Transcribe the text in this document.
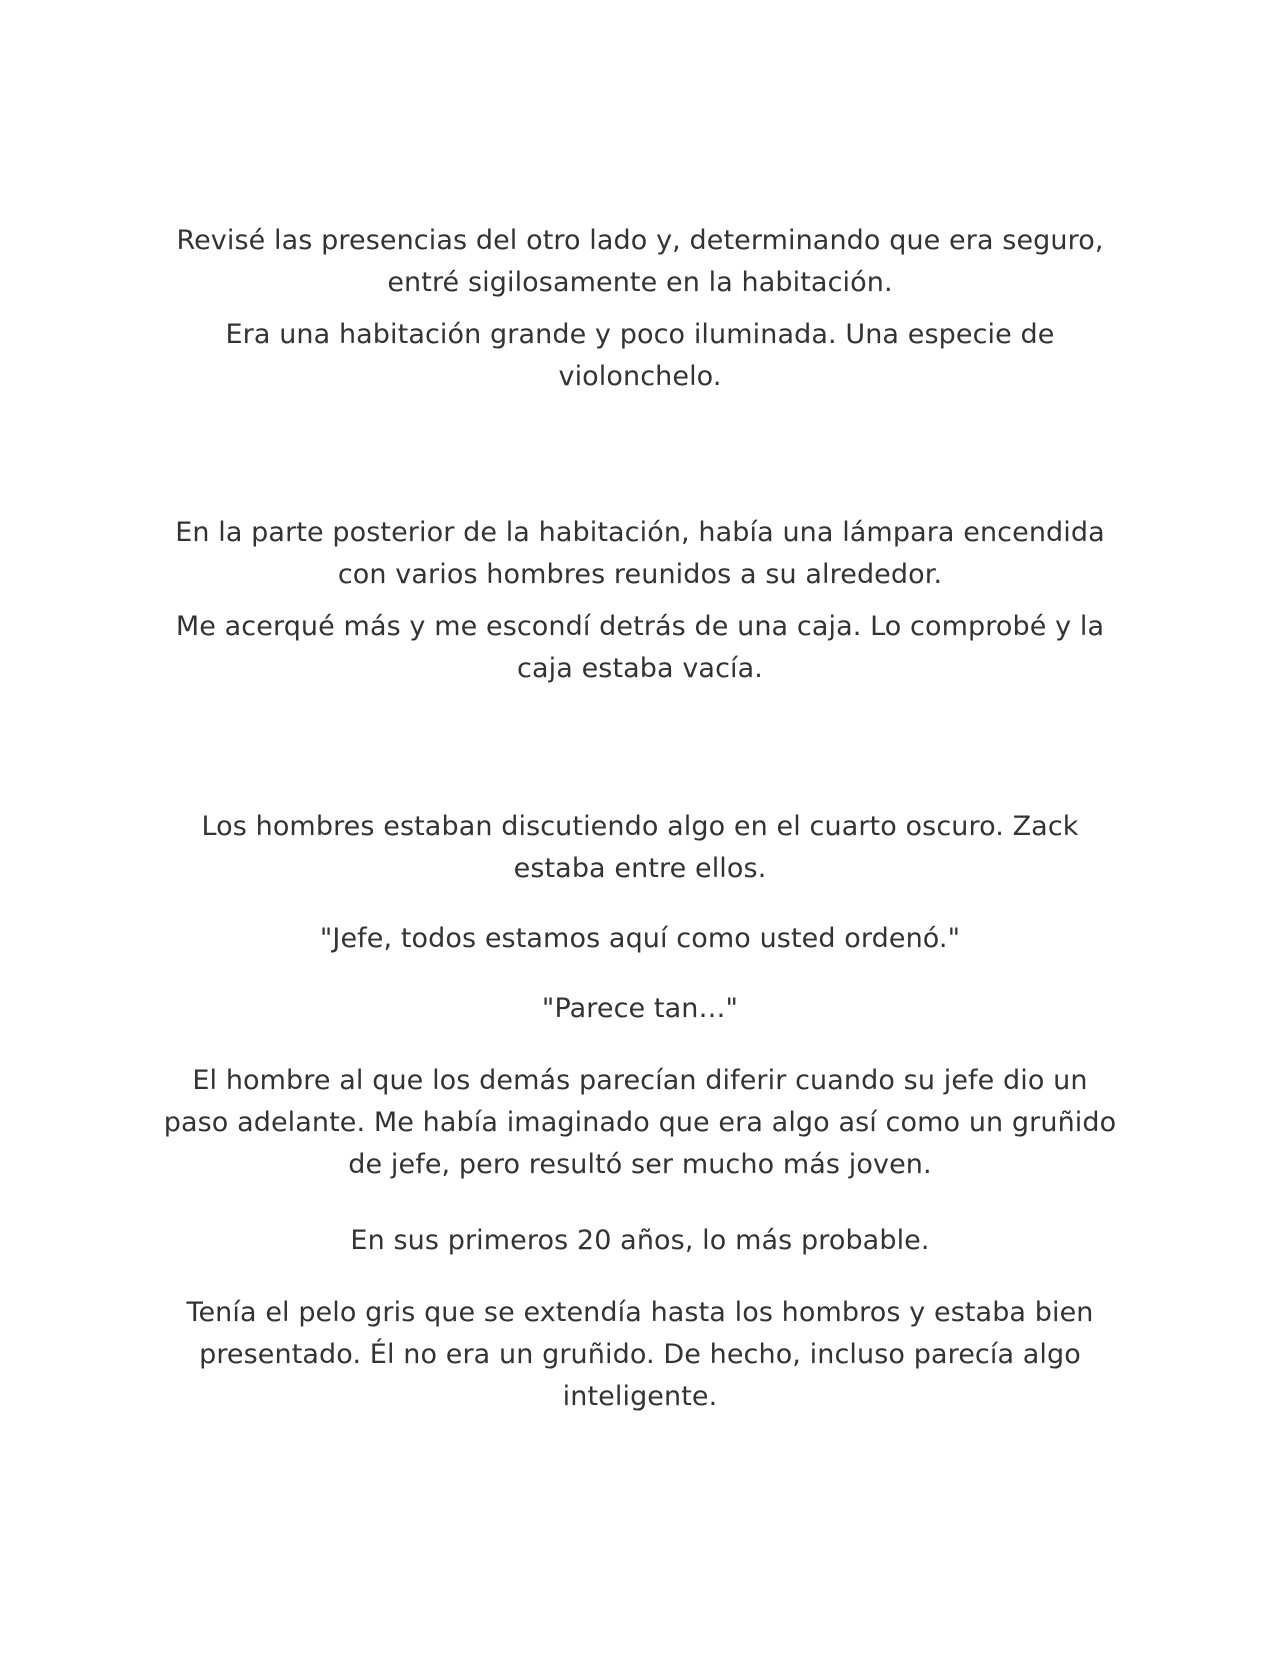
Revisé las presencias del otro lado y, determinando que era seguro, entré sigilosamente en la habitación.

Era una habitación grande y poco iluminada. Una especie de violonchelo.

En la parte posterior de la habitación, había una lámpara encendida con varios hombres reunidos a su alrededor.

Me acerqué más y me escondí detrás de una caja. Lo comprobé y la caja estaba vacía.

Los hombres estaban discutiendo algo en el cuarto oscuro. Zack estaba entre ellos.

"Jefe, todos estamos aquí como usted ordenó."

"Parece tan…"

El hombre al que los demás parecían diferir cuando su jefe dio un paso adelante. Me había imaginado que era algo así como un gruñido de jefe, pero resultó ser mucho más joven.

En sus primeros 20 años, lo más probable.

Tenía el pelo gris que se extendía hasta los hombros y estaba bien presentado. Él no era un gruñido. De hecho, incluso parecía algo inteligente.
